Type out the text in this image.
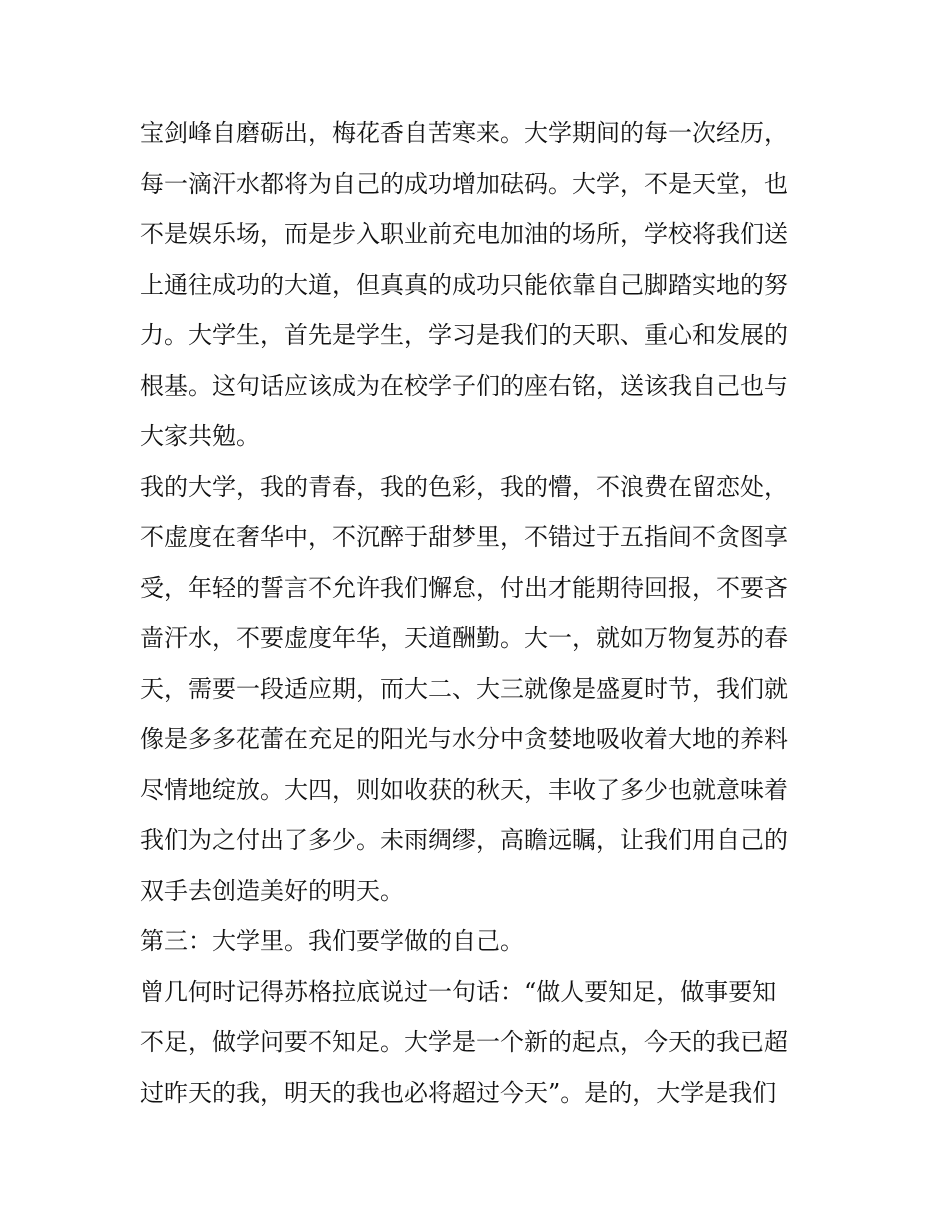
宝剑峰自磨砺出，梅花香自苦寒来。大学期间的每一次经历，
每一滴汗水都将为自己的成功增加砝码。大学，不是天堂，也
不是娱乐场，而是步入职业前充电加油的场所，学校将我们送
上通往成功的大道，但真真的成功只能依靠自己脚踏实地的努
力。大学生，首先是学生，学习是我们的天职、重心和发展的
根基。这句话应该成为在校学子们的座右铭，送该我自己也与
大家共勉。
我的大学，我的青春，我的色彩，我的懵，不浪费在留恋处，
不虚度在奢华中，不沉醉于甜梦里，不错过于五指间不贪图享
受，年轻的誓言不允许我们懈怠，付出才能期待回报，不要吝
啬汗水，不要虚度年华，天道酬勤。大一，就如万物复苏的春
天，需要一段适应期，而大二、大三就像是盛夏时节，我们就
像是多多花蕾在充足的阳光与水分中贪婪地吸收着大地的养料
尽情地绽放。大四，则如收获的秋天，丰收了多少也就意味着
我们为之付出了多少。未雨绸缪，高瞻远瞩，让我们用自己的
双手去创造美好的明天。
第三：大学里。我们要学做的自己。
曾几何时记得苏格拉底说过一句话：“做人要知足，做事要知
不足，做学问要不知足。大学是一个新的起点，今天的我已超
过昨天的我，明天的我也必将超过今天”。是的，大学是我们
